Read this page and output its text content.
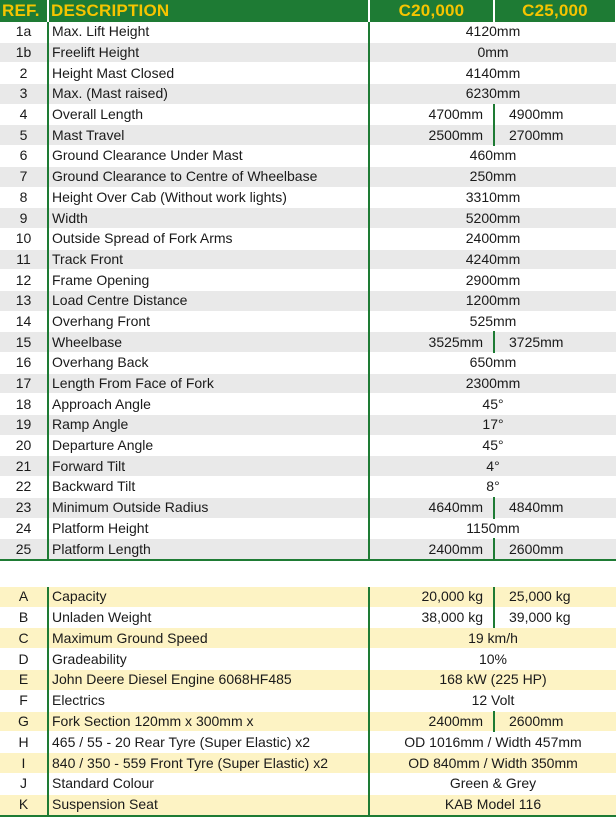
REF.	DESCRIPTION	C20,000	C25,000
1a	Max. Lift Height	4120mm	
1b	Freelift Height	0mm	
2	Height Mast Closed	4140mm	
3	Max. (Mast raised)	6230mm	
4	Overall Length	4700mm	4900mm
5	Mast Travel	2500mm	2700mm
6	Ground Clearance Under Mast	460mm	
7	Ground Clearance to Centre of Wheelbase	250mm	
8	Height Over Cab (Without work lights)	3310mm	
9	Width	5200mm	
10	Outside Spread of Fork Arms	2400mm	
11	Track Front	4240mm	
12	Frame Opening	2900mm	
13	Load Centre Distance	1200mm	
14	Overhang Front	525mm	
15	Wheelbase	3525mm	3725mm
16	Overhang Back	650mm	
17	Length From Face of Fork	2300mm	
18	Approach Angle	45°	
19	Ramp Angle	17°	
20	Departure Angle	45°	
21	Forward Tilt	4°	
22	Backward Tilt	8°	
23	Minimum Outside Radius	4640mm	4840mm
24	Platform Height	1150mm	
25	Platform Length	2400mm	2600mm
A	Capacity	20,000 kg	25,000 kg
B	Unladen Weight	38,000 kg	39,000 kg
C	Maximum Ground Speed	19 km/h	
D	Gradeability	10%	
E	John Deere Diesel Engine 6068HF485	168 kW (225 HP)	
F	Electrics	12 Volt	
G	Fork Section 120mm x 300mm x	2400mm	2600mm
H	465 / 55 - 20 Rear Tyre (Super Elastic) x2	OD 1016mm / Width 457mm	
I	840 / 350 - 559 Front Tyre (Super Elastic) x2	OD 840mm / Width 350mm	
J	Standard Colour	Green & Grey	
K	Suspension Seat	KAB Model 116	
